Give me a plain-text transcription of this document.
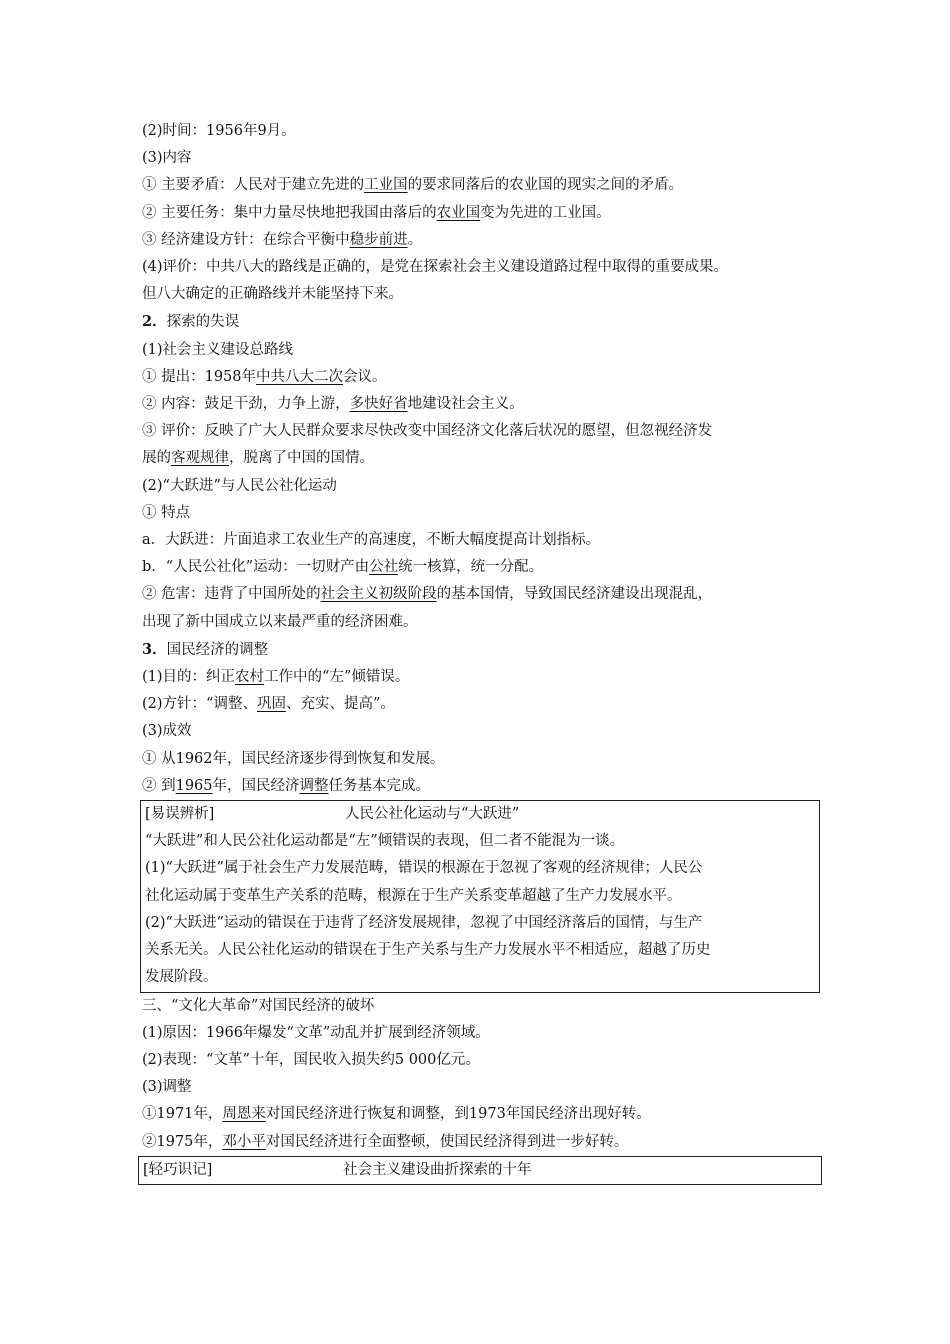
(2)时间：1956年9月。
(3)内容
① 主要矛盾：人民对于建立先进的工业国的要求同落后的农业国的现实之间的矛盾。
② 主要任务：集中力量尽快地把我国由落后的农业国变为先进的工业国。
③ 经济建设方针：在综合平衡中稳步前进。
(4)评价：中共八大的路线是正确的，是党在探索社会主义建设道路过程中取得的重要成果。
但八大确定的正确路线并未能坚持下来。
2．探索的失误
(1)社会主义建设总路线
① 提出：1958年中共八大二次会议。
② 内容：鼓足干劲，力争上游，多快好省地建设社会主义。
③ 评价：反映了广大人民群众要求尽快改变中国经济文化落后状况的愿望，但忽视经济发
展的客观规律，脱离了中国的国情。
(2)“大跃进”与人民公社化运动
① 特点
a．大跃进：片面追求工农业生产的高速度，不断大幅度提高计划指标。
b．“人民公社化”运动：一切财产由公社统一核算，统一分配。
② 危害：违背了中国所处的社会主义初级阶段的基本国情，导致国民经济建设出现混乱，
出现了新中国成立以来最严重的经济困难。
3．国民经济的调整
(1)目的：纠正农村工作中的“左”倾错误。
(2)方针：“调整、巩固、充实、提高”。
(3)成效
① 从1962年，国民经济逐步得到恢复和发展。
② 到1965年，国民经济调整任务基本完成。
[易误辨析]	人民公社化运动与“大跃进”
“大跃进”和人民公社化运动都是“左”倾错误的表现，但二者不能混为一谈。
(1)“大跃进”属于社会生产力发展范畴，错误的根源在于忽视了客观的经济规律；人民公
社化运动属于变革生产关系的范畴，根源在于生产关系变革超越了生产力发展水平。
(2)“大跃进”运动的错误在于违背了经济发展规律，忽视了中国经济落后的国情，与生产
关系无关。人民公社化运动的错误在于生产关系与生产力发展水平不相适应，超越了历史
发展阶段。
三、“文化大革命”对国民经济的破坏
(1)原因：1966年爆发“文革”动乱并扩展到经济领域。
(2)表现：“文革”十年，国民收入损失约5 000亿元。
(3)调整
①1971年，周恩来对国民经济进行恢复和调整，到1973年国民经济出现好转。
②1975年，邓小平对国民经济进行全面整顿，使国民经济得到进一步好转。
[轻巧识记]	社会主义建设曲折探索的十年
